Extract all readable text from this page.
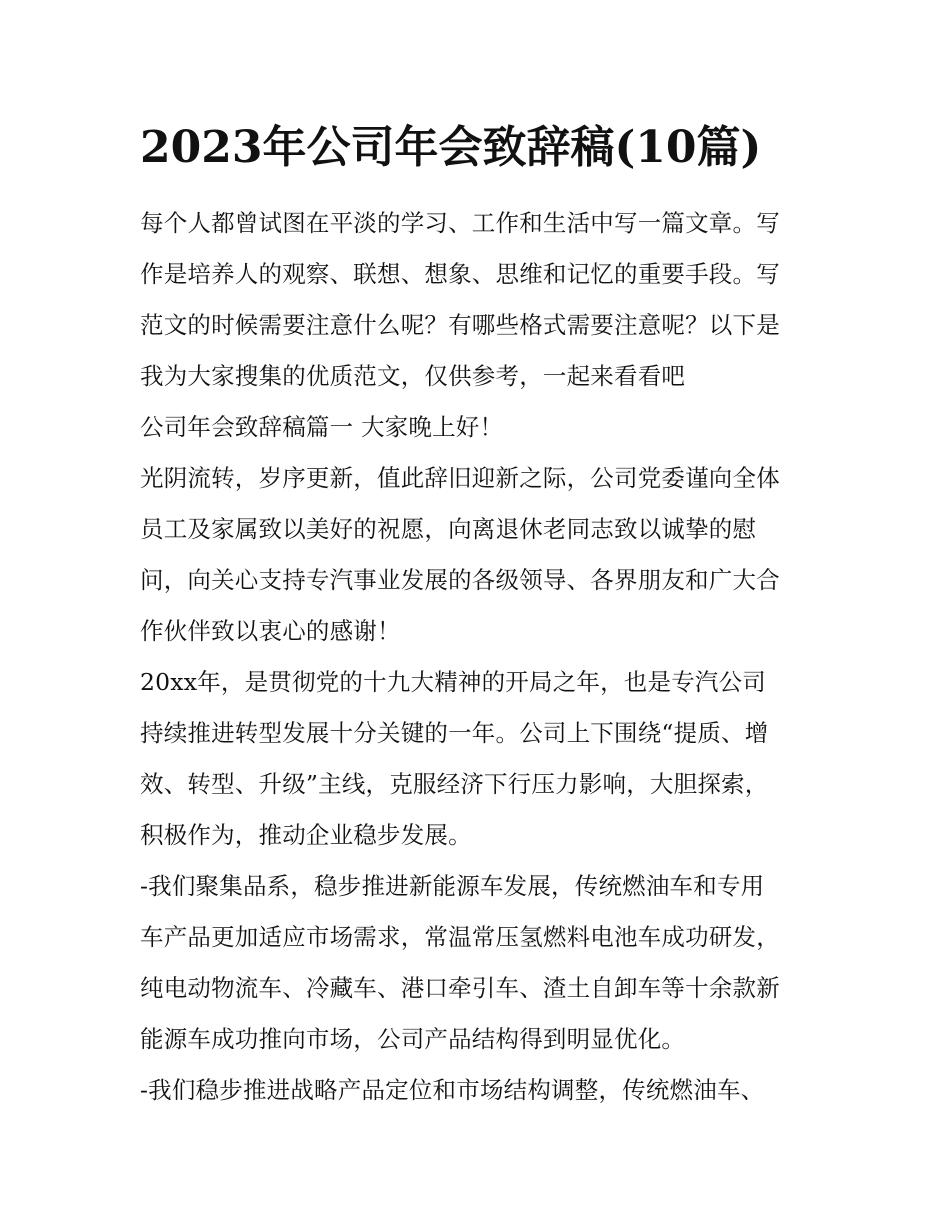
2023年公司年会致辞稿(10篇)
每个人都曾试图在平淡的学习、工作和生活中写一篇文章。写
作是培养人的观察、联想、想象、思维和记忆的重要手段。写
范文的时候需要注意什么呢？有哪些格式需要注意呢？以下是
我为大家搜集的优质范文，仅供参考，一起来看看吧
公司年会致辞稿篇一 大家晚上好！
光阴流转，岁序更新，值此辞旧迎新之际，公司党委谨向全体
员工及家属致以美好的祝愿，向离退休老同志致以诚挚的慰
问，向关心支持专汽事业发展的各级领导、各界朋友和广大合
作伙伴致以衷心的感谢！
20xx年，是贯彻党的十九大精神的开局之年，也是专汽公司
持续推进转型发展十分关键的一年。公司上下围绕“提质、增
效、转型、升级”主线，克服经济下行压力影响，大胆探索，
积极作为，推动企业稳步发展。
-我们聚集品系，稳步推进新能源车发展，传统燃油车和专用
车产品更加适应市场需求，常温常压氢燃料电池车成功研发，
纯电动物流车、冷藏车、港口牵引车、渣土自卸车等十余款新
能源车成功推向市场，公司产品结构得到明显优化。
-我们稳步推进战略产品定位和市场结构调整，传统燃油车、
